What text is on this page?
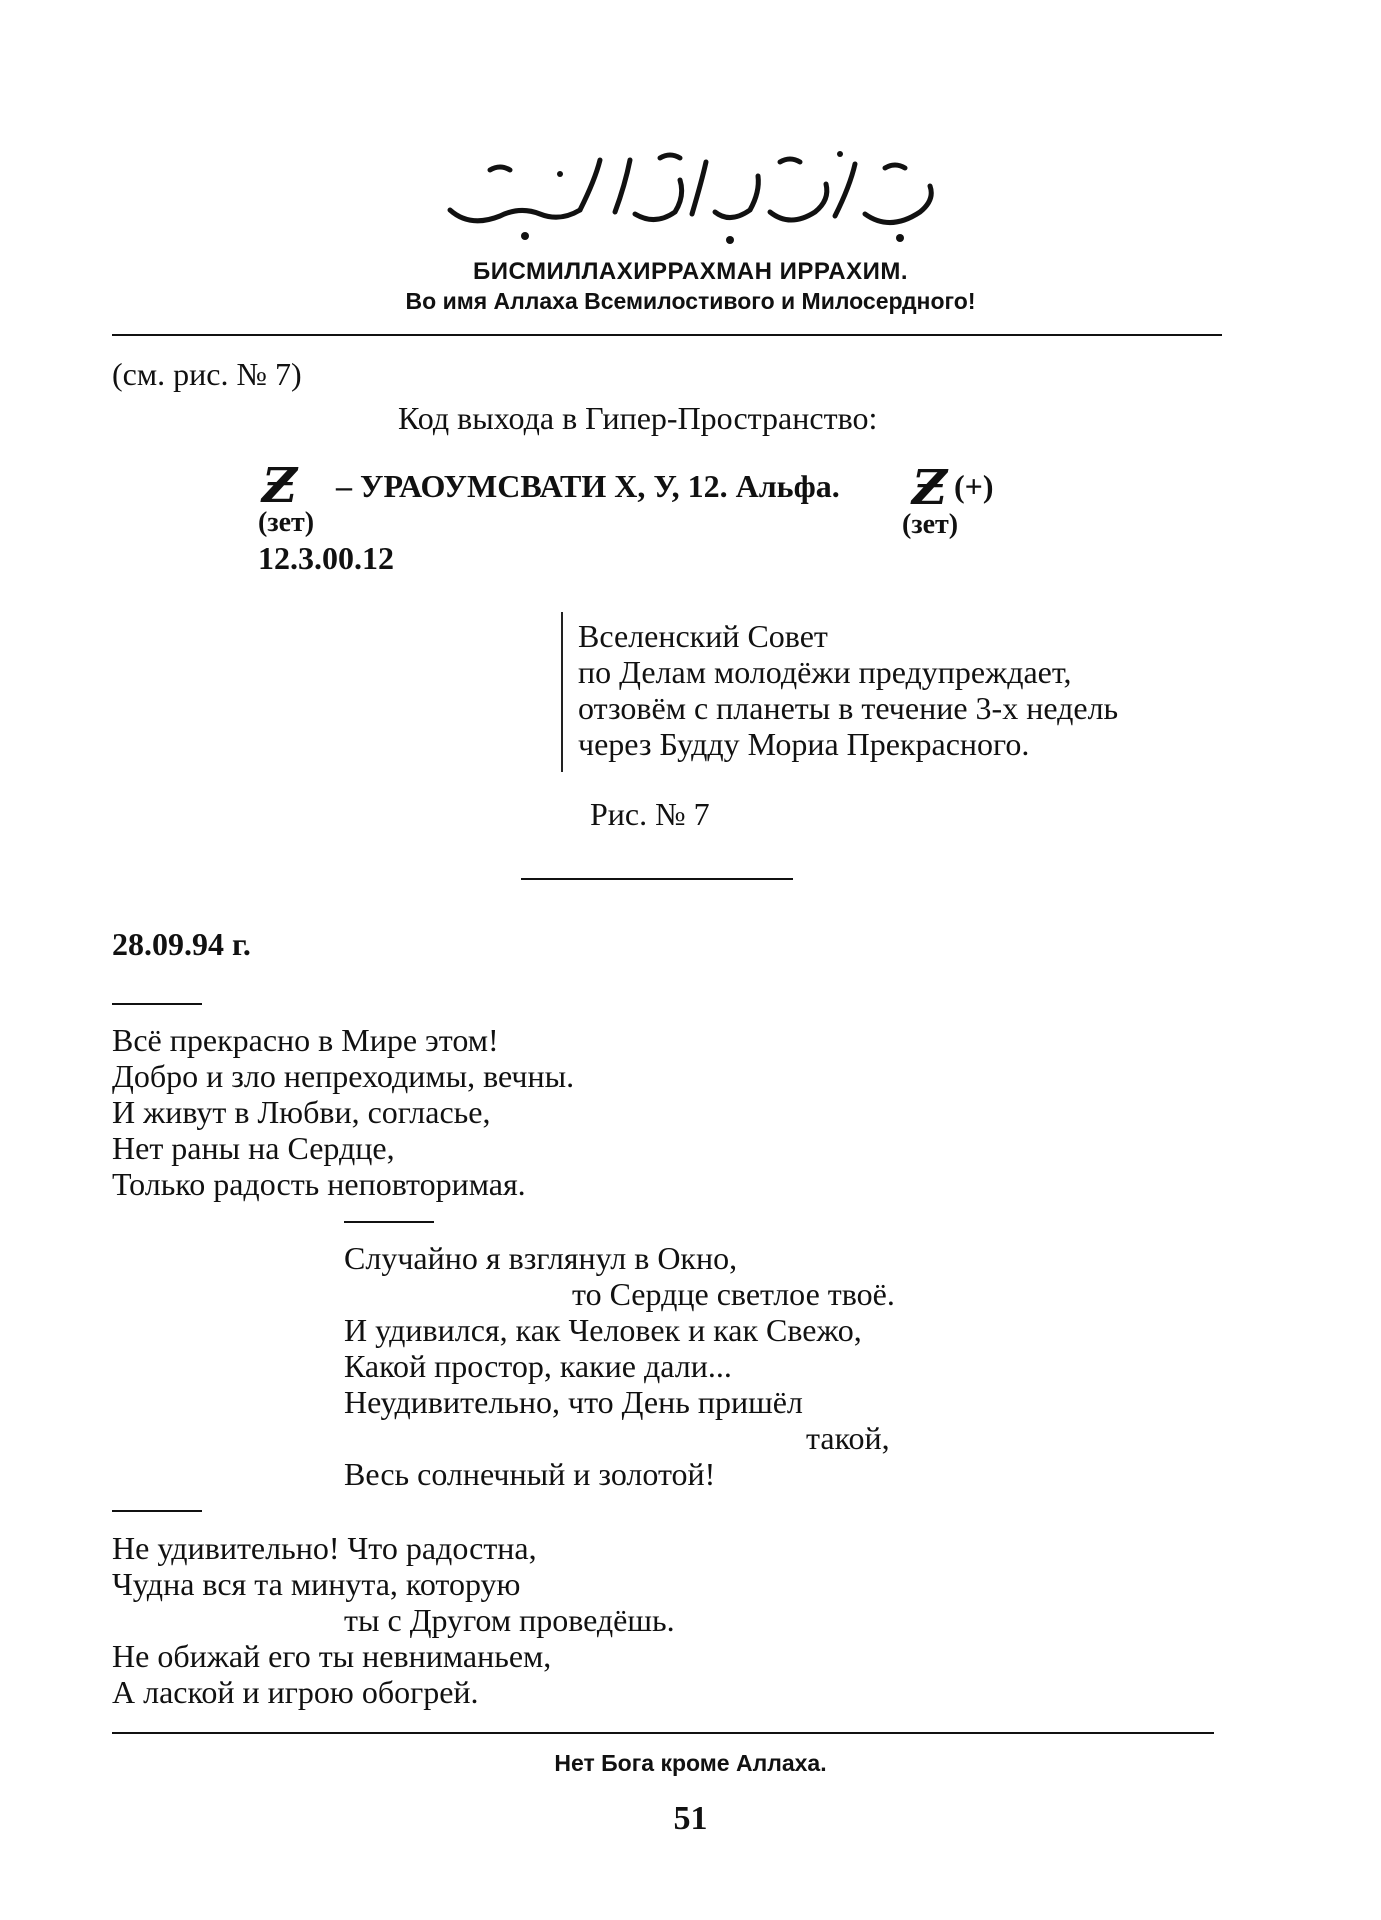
БИСМИЛЛАХИРРАХМАН ИРРАХИМ.
Во имя Аллаха Всемилостивого и Милосердного!
(см. рис. № 7)
Код выхода в Гипер-Пространство:
Ƶ – УРАОУМСВАТИ Х, У, 12. Альфа. Ƶ (+)
(зет)	(зет)
12.3.00.12
Вселенский Совет
по Делам молодёжи предупреждает,
отзовём с планеты в течение 3-х недель
через Будду Мориа Прекрасного.
Рис. № 7
28.09.94 г.
Всё прекрасно в Мире этом!
Добро и зло непреходимы, вечны.
И живут в Любви, согласье,
Нет раны на Сердце,
Только радость неповторимая.
Случайно я взглянул в Окно,
то Сердце светлое твоё.
И удивился, как Человек и как Свежо,
Какой простор, какие дали...
Неудивительно, что День пришёл
такой,
Весь солнечный и золотой!
Не удивительно! Что радостна,
Чудна вся та минута, которую
ты с Другом проведёшь.
Не обижай его ты невниманьем,
А лаской и игрою обогрей.
Нет Бога кроме Аллаха.
51
